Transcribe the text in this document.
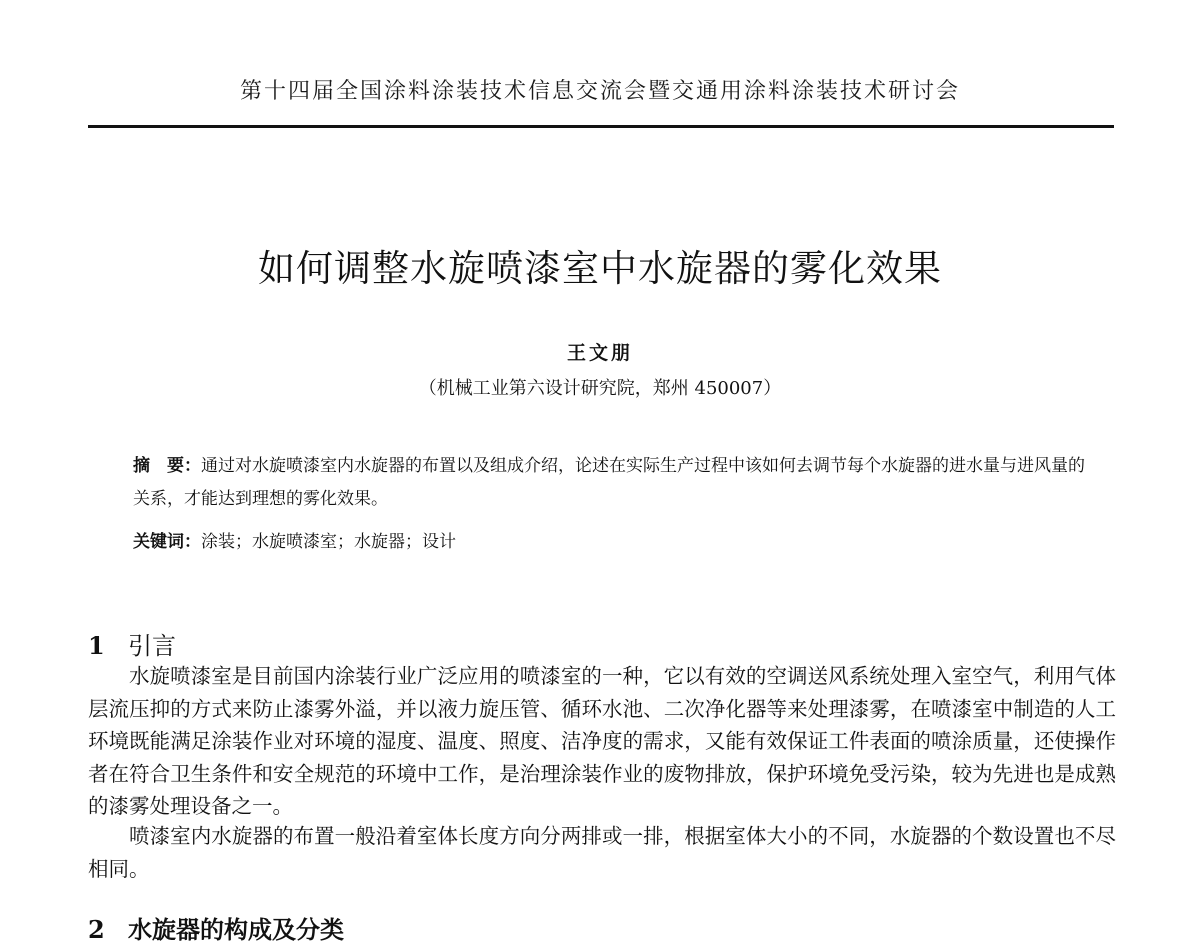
第十四届全国涂料涂装技术信息交流会暨交通用涂料涂装技术研讨会
如何调整水旋喷漆室中水旋器的雾化效果
王文朋
（机械工业第六设计研究院，郑州 450007）

摘　要：通过对水旋喷漆室内水旋器的布置以及组成介绍，论述在实际生产过程中该如何去调节每个水旋器的进水量与进风量的关系，才能达到理想的雾化效果。

关键词：涂装；水旋喷漆室；水旋器；设计
1 引言

水旋喷漆室是目前国内涂装行业广泛应用的喷漆室的一种，它以有效的空调送风系统处理入室空气，利用气体层流压抑的方式来防止漆雾外溢，并以液力旋压管、循环水池、二次净化器等来处理漆雾，在喷漆室中制造的人工环境既能满足涂装作业对环境的湿度、温度、照度、洁净度的需求，又能有效保证工件表面的喷涂质量，还使操作者在符合卫生条件和安全规范的环境中工作，是治理涂装作业的废物排放，保护环境免受污染，较为先进也是成熟的漆雾处理设备之一。

喷漆室内水旋器的布置一般沿着室体长度方向分两排或一排，根据室体大小的不同，水旋器的个数设置也不尽相同。

2 水旋器的构成及分类
